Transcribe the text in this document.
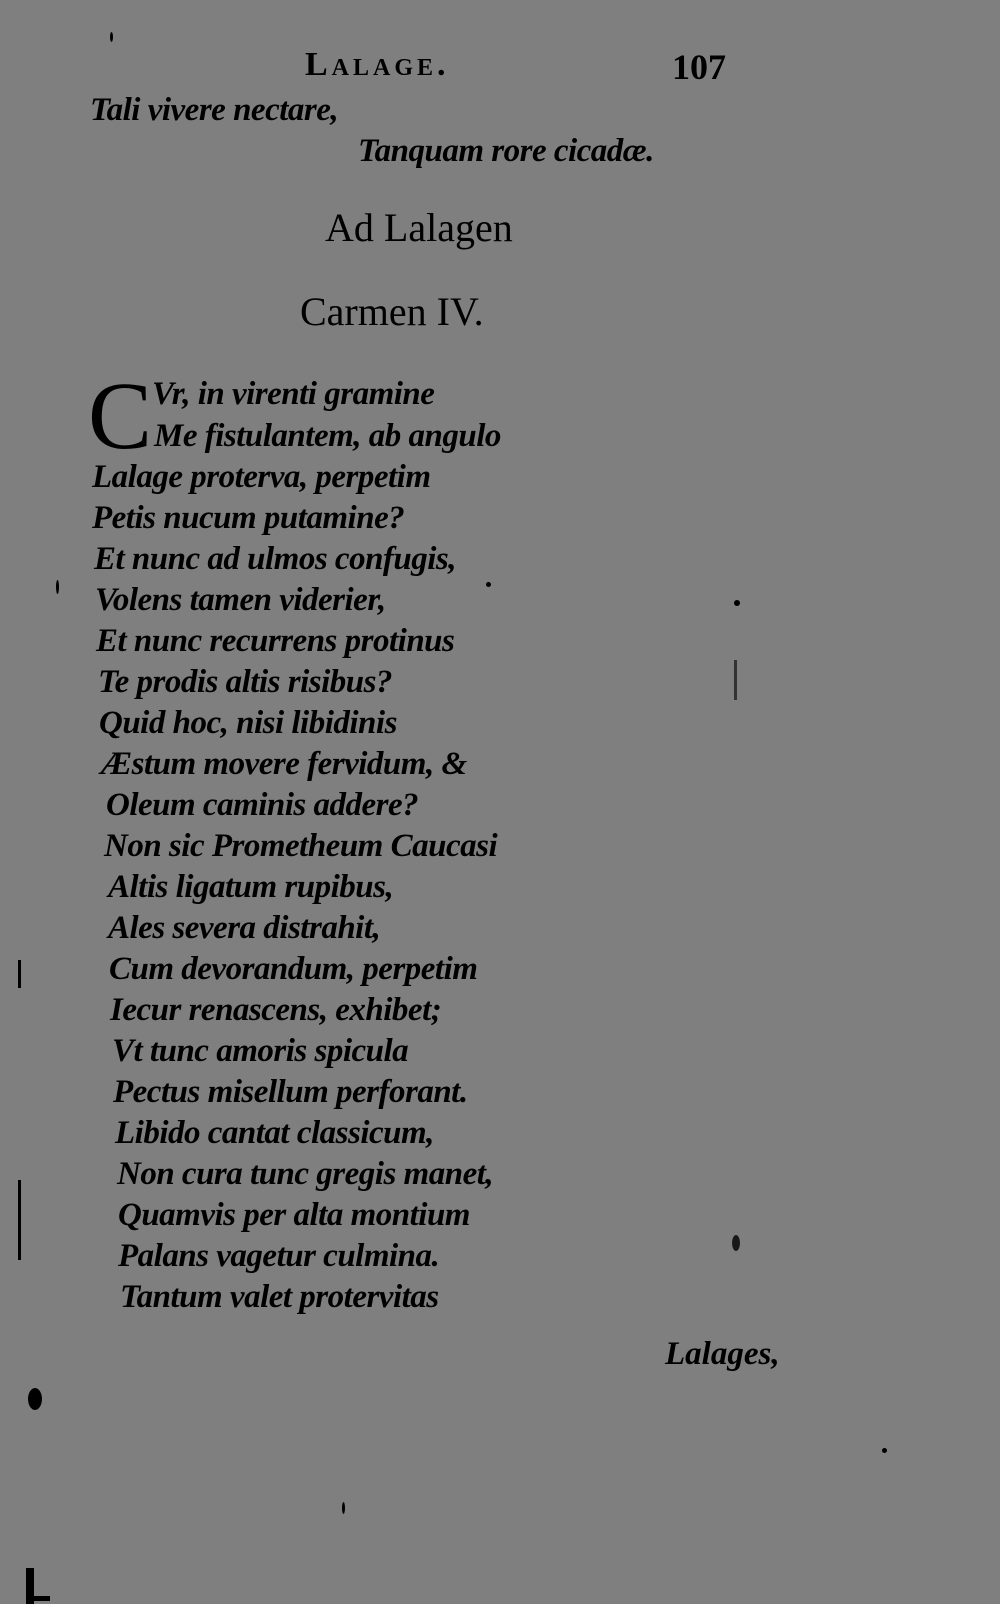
Lalage.	107
Tali vivere nectare,
Tanquam rore cicadæ.
Ad Lalagen
Carmen IV.
C Vr, in virenti gramine
Me fistulantem, ab angulo
Lalage proterva, perpetim
Petis nucum putamine?
Et nunc ad ulmos confugis,
Volens tamen viderier,
Et nunc recurrens protinus
Te prodis altis risibus?
Quid hoc, nisi libidinis
Æstum movere fervidum, &
Oleum caminis addere?
Non sic Prometheum Caucasi
Altis ligatum rupibus,
Ales severa distrahit,
Cum devorandum, perpetim
Iecur renascens, exhibet;
Vt tunc amoris spicula
Pectus misellum perforant.
Libido cantat classicum,
Non cura tunc gregis manet,
Quamvis per alta montium
Palans vagetur culmina.
Tantum valet protervitas
Lalages,
